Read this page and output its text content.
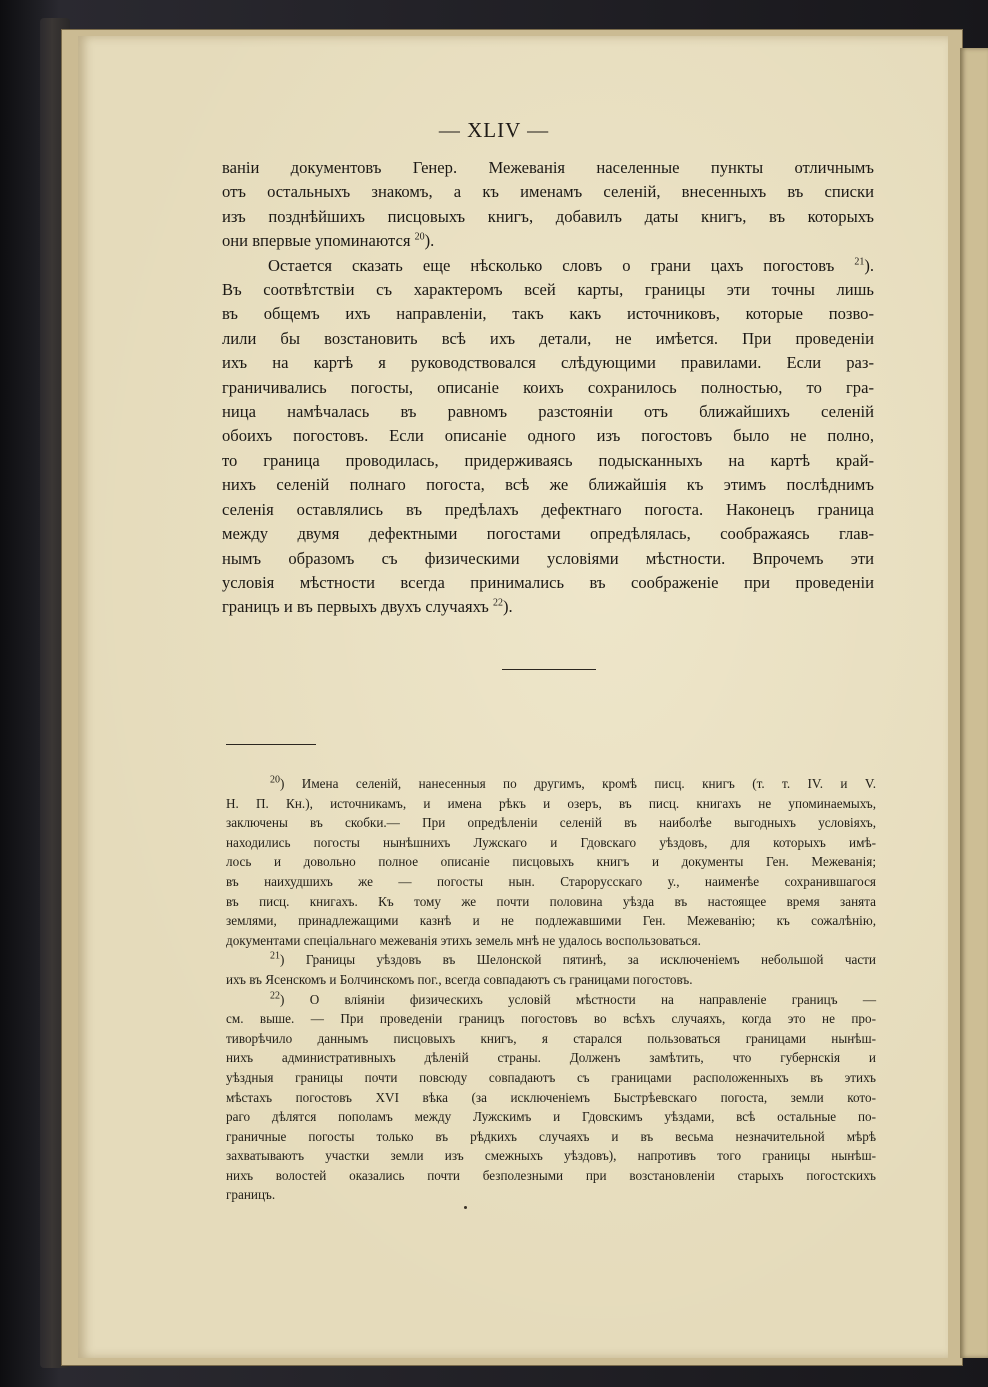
— XLIV —
ваніи документовъ Генер. Межеванія населенные пункты отличнымъ
отъ остальныхъ знакомъ, а къ именамъ селеній, внесенныхъ въ списки
изъ позднѣйшихъ писцовыхъ книгъ, добавилъ даты книгъ, въ которыхъ
они впервые упоминаются $^{20}$).
Остается сказать еще нѣсколько словъ о грани цахъ погостовъ $^{21}$).
Въ соотвѣтствіи съ характеромъ всей карты, границы эти точны лишь
въ общемъ ихъ направленіи, такъ какъ источниковъ, которые позво-
лили бы возстановить всѣ ихъ детали, не имѣется. При проведеніи
ихъ на картѣ я руководствовался слѣдующими правилами. Если раз-
граничивались погосты, описаніе коихъ сохранилось полностью, то гра-
ница намѣчалась въ равномъ разстояніи отъ ближайшихъ селеній
обоихъ погостовъ. Если описаніе одного изъ погостовъ было не полно,
то граница проводилась, придерживаясь подысканныхъ на картѣ край-
нихъ селеній полнаго погоста, всѣ же ближайшія къ этимъ послѣднимъ
селенія оставлялись въ предѣлахъ дефектнаго погоста. Наконецъ граница
между двумя дефектными погостами опредѣлялась, соображаясь глав-
нымъ образомъ съ физическими условіями мѣстности. Впрочемъ эти
условія мѣстности всегда принимались въ соображеніе при проведеніи
границъ и въ первыхъ двухъ случаяхъ $^{22}$).
$^{20}$) Имена селеній, нанесенныя по другимъ, кромѣ писц. книгъ (т. т. IV. и V.
Н. П. Кн.), источникамъ, и имена рѣкъ и озеръ, въ писц. книгахъ не упоминаемыхъ,
заключены въ скобки.— При опредѣленіи селеній въ наиболѣе выгодныхъ условіяхъ,
находились погосты нынѣшнихъ Лужскаго и Гдовскаго уѣздовъ, для которыхъ имѣ-
лось и довольно полное описаніе писцовыхъ книгъ и документы Ген. Межеванія;
въ наихудшихъ же — погосты нын. Старорусскаго у., наименѣе сохранившагося
въ писц. книгахъ. Къ тому же почти половина уѣзда въ настоящее время занята
землями, принадлежащими казнѣ и не подлежавшими Ген. Межеванію; къ сожалѣнію,
документами спеціальнаго межеванія этихъ земель мнѣ не удалось воспользоваться.
$^{21}$) Границы уѣздовъ въ Шелонской пятинѣ, за исключеніемъ небольшой части
ихъ въ Ясенскомъ и Болчинскомъ пог., всегда совпадаютъ съ границами погостовъ.
$^{22}$) О вліяніи физическихъ условій мѣстности на направленіе границъ —
см. выше. — При проведеніи границъ погостовъ во всѣхъ случаяхъ, когда это не про-
тиворѣчило даннымъ писцовыхъ книгъ, я старался пользоваться границами нынѣш-
нихъ административныхъ дѣленій страны. Долженъ замѣтить, что губернскія и
уѣздныя границы почти повсюду совпадаютъ съ границами расположенныхъ въ этихъ
мѣстахъ погостовъ XVI вѣка (за исключеніемъ Быстрѣевскаго погоста, земли кото-
раго дѣлятся пополамъ между Лужскимъ и Гдовскимъ уѣздами, всѣ остальные по-
граничные погосты только въ рѣдкихъ случаяхъ и въ весьма незначительной мѣрѣ
захватываютъ участки земли изъ смежныхъ уѣздовъ), напротивъ того границы нынѣш-
нихъ волостей оказались почти безполезными при возстановленіи старыхъ погостскихъ
границъ.
